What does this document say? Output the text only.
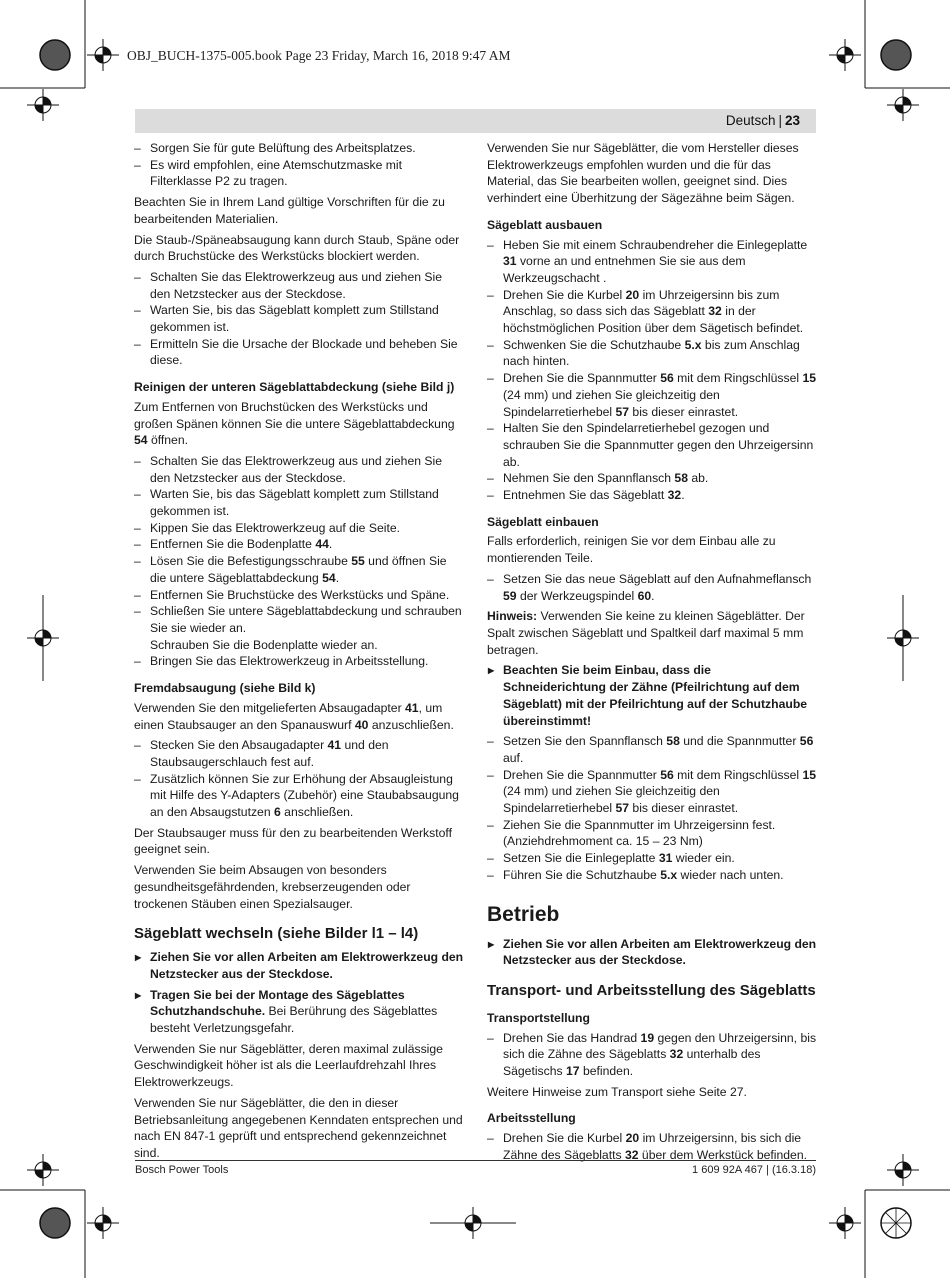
OBJ_BUCH-1375-005.book Page 23 Friday, March 16, 2018 9:47 AM
Deutsch | 23
– Sorgen Sie für gute Belüftung des Arbeitsplatzes.
– Es wird empfohlen, eine Atemschutzmaske mit Filterklasse P2 zu tragen.

Beachten Sie in Ihrem Land gültige Vorschriften für die zu bearbeitenden Materialien.

Die Staub-/Späneabsaugung kann durch Staub, Späne oder durch Bruchstücke des Werkstücks blockiert werden.

– Schalten Sie das Elektrowerkzeug aus und ziehen Sie den Netzstecker aus der Steckdose.
– Warten Sie, bis das Sägeblatt komplett zum Stillstand gekommen ist.
– Ermitteln Sie die Ursache der Blockade und beheben Sie diese.
Reinigen der unteren Sägeblattabdeckung (siehe Bild j)

Zum Entfernen von Bruchstücken des Werkstücks und großen Spänen können Sie die untere Sägeblattabdeckung 54 öffnen.

– Schalten Sie das Elektrowerkzeug aus und ziehen Sie den Netzstecker aus der Steckdose.
– Warten Sie, bis das Sägeblatt komplett zum Stillstand gekommen ist.
– Kippen Sie das Elektrowerkzeug auf die Seite.
– Entfernen Sie die Bodenplatte 44.
– Lösen Sie die Befestigungsschraube 55 und öffnen Sie die untere Sägeblattabdeckung 54.
– Entfernen Sie Bruchstücke des Werkstücks und Späne.
– Schließen Sie untere Sägeblattabdeckung und schrauben Sie sie wieder an.
Schrauben Sie die Bodenplatte wieder an.
– Bringen Sie das Elektrowerkzeug in Arbeitsstellung.
Fremdabsaugung (siehe Bild k)

Verwenden Sie den mitgelieferten Absaugadapter 41, um einen Staubsauger an den Spanauswurf 40 anzuschließen.

– Stecken Sie den Absaugadapter 41 und den Staubsaugerschlauch fest auf.
– Zusätzlich können Sie zur Erhöhung der Absaugleistung mit Hilfe des Y-Adapters (Zubehör) eine Staubabsaugung an den Absaugstutzen 6 anschließen.

Der Staubsauger muss für den zu bearbeitenden Werkstoff geeignet sein.

Verwenden Sie beim Absaugen von besonders gesundheitsgefährdenden, krebserzeugenden oder trockenen Stäuben einen Spezialsauger.

Sägeblatt wechseln (siehe Bilder l1 – l4)
▶ Ziehen Sie vor allen Arbeiten am Elektrowerkzeug den Netzstecker aus der Steckdose.
▶ Tragen Sie bei der Montage des Sägeblattes Schutzhandschuhe. Bei Berührung des Sägeblattes besteht Verletzungsgefahr.

Verwenden Sie nur Sägeblätter, deren maximal zulässige Geschwindigkeit höher ist als die Leerlaufdrehzahl Ihres Elektrowerkzeugs.

Verwenden Sie nur Sägeblätter, die den in dieser Betriebsanleitung angegebenen Kenndaten entsprechen und nach EN 847-1 geprüft und entsprechend gekennzeichnet sind.

Verwenden Sie nur Sägeblätter, die vom Hersteller dieses Elektrowerkzeugs empfohlen wurden und die für das Material, das Sie bearbeiten wollen, geeignet sind. Dies verhindert eine Überhitzung der Sägezähne beim Sägen.

Sägeblatt ausbauen
– Heben Sie mit einem Schraubendreher die Einlegeplatte 31 vorne an und entnehmen Sie sie aus dem Werkzeugschacht .
– Drehen Sie die Kurbel 20 im Uhrzeigersinn bis zum Anschlag, so dass sich das Sägeblatt 32 in der höchstmöglichen Position über dem Sägetisch befindet.
– Schwenken Sie die Schutzhaube 5.x bis zum Anschlag nach hinten.
– Drehen Sie die Spannmutter 56 mit dem Ringschlüssel 15 (24 mm) und ziehen Sie gleichzeitig den Spindelarretierhebel 57 bis dieser einrastet.
– Halten Sie den Spindelarretierhebel gezogen und schrauben Sie die Spannmutter gegen den Uhrzeigersinn ab.
– Nehmen Sie den Spannflansch 58 ab.
– Entnehmen Sie das Sägeblatt 32.
Sägeblatt einbauen

Falls erforderlich, reinigen Sie vor dem Einbau alle zu montierenden Teile.

– Setzen Sie das neue Sägeblatt auf den Aufnahmeflansch 59 der Werkzeugspindel 60.

Hinweis: Verwenden Sie keine zu kleinen Sägeblätter. Der Spalt zwischen Sägeblatt und Spaltkeil darf maximal 5 mm betragen.

▶ Beachten Sie beim Einbau, dass die Schneiderichtung der Zähne (Pfeilrichtung auf dem Sägeblatt) mit der Pfeilrichtung auf der Schutzhaube übereinstimmt!
– Setzen Sie den Spannflansch 58 und die Spannmutter 56 auf.
– Drehen Sie die Spannmutter 56 mit dem Ringschlüssel 15 (24 mm) und ziehen Sie gleichzeitig den Spindelarretierhebel 57 bis dieser einrastet.
– Ziehen Sie die Spannmutter im Uhrzeigersinn fest. (Anziehdrehmoment ca. 15 – 23 Nm)
– Setzen Sie die Einlegeplatte 31 wieder ein.
– Führen Sie die Schutzhaube 5.x wieder nach unten.
Betrieb
▶ Ziehen Sie vor allen Arbeiten am Elektrowerkzeug den Netzstecker aus der Steckdose.
Transport- und Arbeitsstellung des Sägeblatts
Transportstellung
– Drehen Sie das Handrad 19 gegen den Uhrzeigersinn, bis sich die Zähne des Sägeblatts 32 unterhalb des Sägetischs 17 befinden.

Weitere Hinweise zum Transport siehe Seite 27.

Arbeitsstellung
– Drehen Sie die Kurbel 20 im Uhrzeigersinn, bis sich die Zähne des Sägeblatts 32 über dem Werkstück befinden.
Bosch Power Tools	1 609 92A 467 | (16.3.18)
